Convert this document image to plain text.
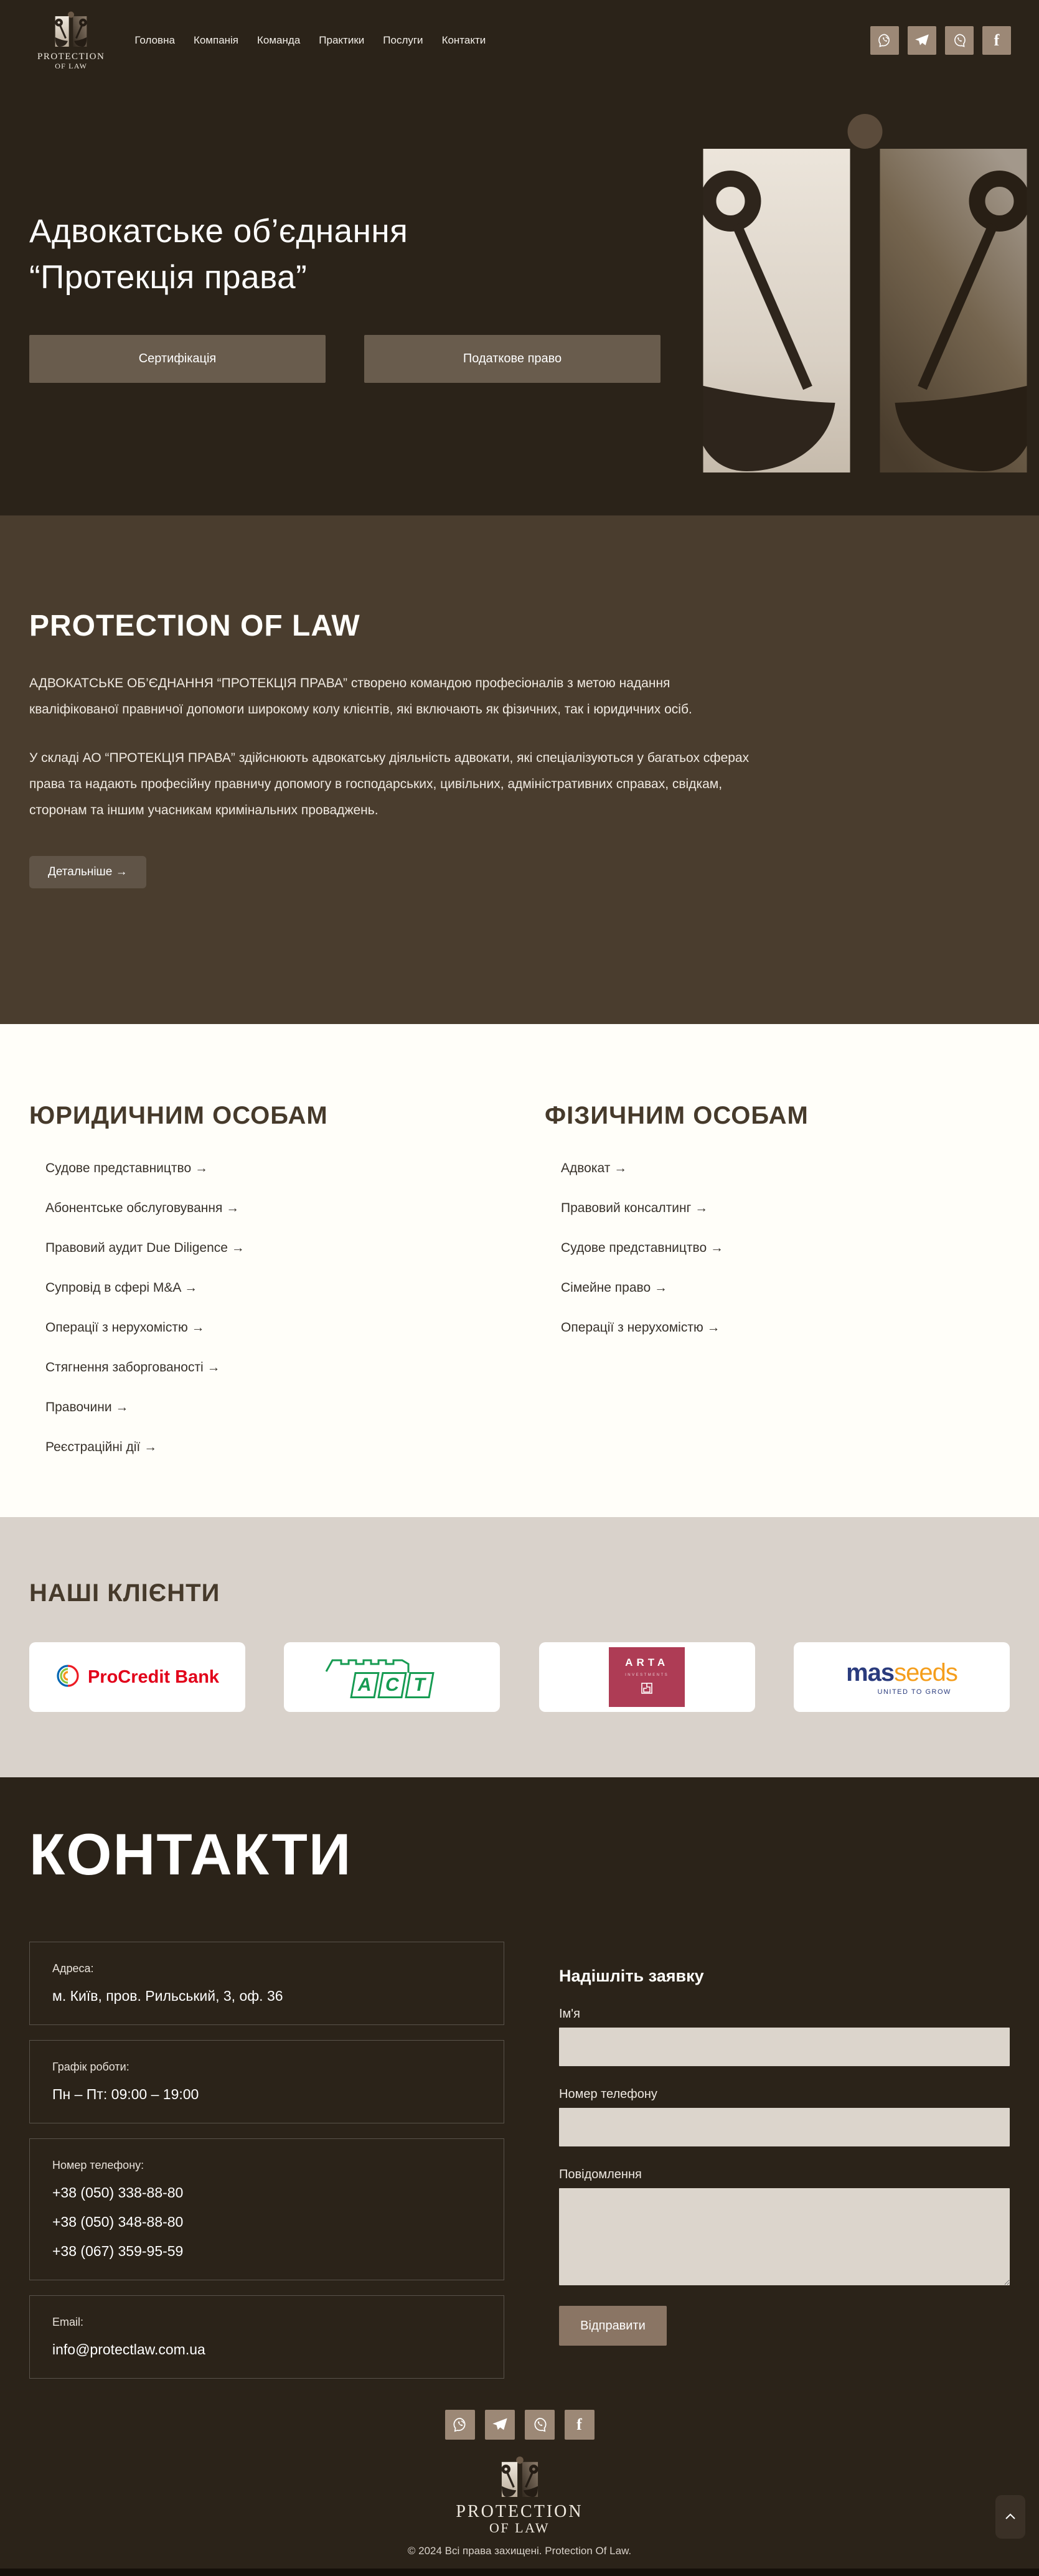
PROTECTION
OF LAW
Головна Компанія Команда Практики Послуги Контакти	f
Адвокатське об’єднання
“Протекція права”
Сертифікація	Податкове право
PROTECTION OF LAW

АДВОКАТСЬКЕ ОБ’ЄДНАННЯ “ПРОТЕКЦІЯ ПРАВА” створено командою професіоналів з метою надання кваліфікованої правничої допомоги широкому колу клієнтів, які включають як фізичних, так і юридичних осіб.

У складі АО “ПРОТЕКЦІЯ ПРАВА” здійснюють адвокатську діяльність адвокати, які спеціалізуються у багатьох сферах права та надають професійну правничу допомогу в господарських, цивільних, адміністративних справах, свідкам, сторонам та іншим учасникам кримінальних проваджень.

Детальніше →
ЮРИДИЧНИМ ОСОБАМ
Судове представництво →
Абонентське обслуговування →
Правовий аудит Due Diligence →
Супровід в сфері M&A →
Операції з нерухомістю →
Стягнення заборгованості →
Правочини →
Реєстраційні дії →
ФІЗИЧНИМ ОСОБАМ
Адвокат →
Правовий консалтинг →
Судове представництво →
Сімейне право →
Операції з нерухомістю →
НАШІ КЛІЄНТИ
ProCredit Bank	А С Т
ARTA
INVESTMENTS	mas seeds
UNITED TO GROW
КОНТАКТИ
Адреса:
м. Київ, пров. Рильський, 3, оф. 36
Графік роботи:
Пн – Пт: 09:00 – 19:00
Номер телефону:
+38 (050) 338-88-80
+38 (050) 348-88-80
+38 (067) 359-95-59
Email:
info@protectlaw.com.ua
Надішліть заявку
Ім'я
Номер телефону
Повідомлення
Відправити
f
PROTECTION
OF LAW
© 2024 Всі права захищені. Protection Of Law.
